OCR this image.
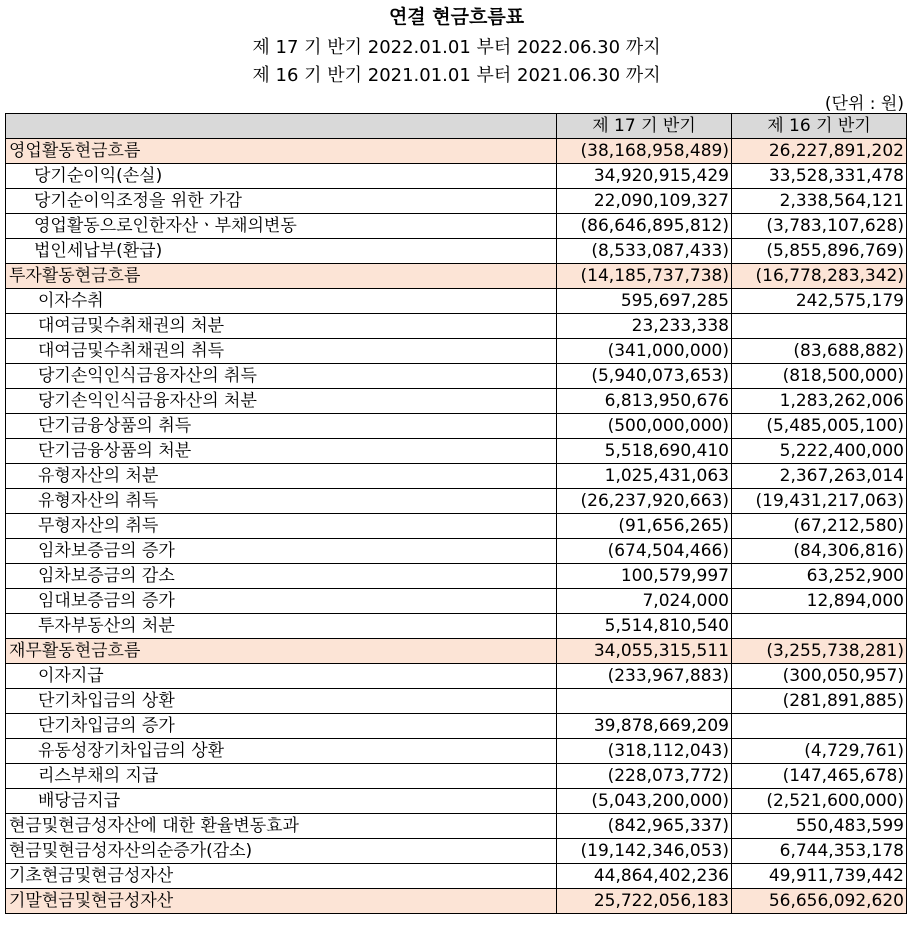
연결 현금흐름표
제 17 기 반기 2022.01.01 부터 2022.06.30 까지
제 16 기 반기 2021.01.01 부터 2021.06.30 까지
(단위 : 원)
	제 17 기 반기	제 16 기 반기
영업활동현금흐름	(38,168,958,489)	26,227,891,202
당기순이익(손실)	34,920,915,429	33,528,331,478
당기순이익조정을 위한 가감	22,090,109,327	2,338,564,121
영업활동으로인한자산ㆍ부채의변동	(86,646,895,812)	(3,783,107,628)
법인세납부(환급)	(8,533,087,433)	(5,855,896,769)
투자활동현금흐름	(14,185,737,738)	(16,778,283,342)
이자수취	595,697,285	242,575,179
대여금및수취채권의 처분	23,233,338	
대여금및수취채권의 취득	(341,000,000)	(83,688,882)
당기손익인식금융자산의 취득	(5,940,073,653)	(818,500,000)
당기손익인식금융자산의 처분	6,813,950,676	1,283,262,006
단기금융상품의 취득	(500,000,000)	(5,485,005,100)
단기금융상품의 처분	5,518,690,410	5,222,400,000
유형자산의 처분	1,025,431,063	2,367,263,014
유형자산의 취득	(26,237,920,663)	(19,431,217,063)
무형자산의 취득	(91,656,265)	(67,212,580)
임차보증금의 증가	(674,504,466)	(84,306,816)
임차보증금의 감소	100,579,997	63,252,900
임대보증금의 증가	7,024,000	12,894,000
투자부동산의 처분	5,514,810,540	
재무활동현금흐름	34,055,315,511	(3,255,738,281)
이자지급	(233,967,883)	(300,050,957)
단기차입금의 상환		(281,891,885)
단기차입금의 증가	39,878,669,209	
유동성장기차입금의 상환	(318,112,043)	(4,729,761)
리스부채의 지급	(228,073,772)	(147,465,678)
배당금지급	(5,043,200,000)	(2,521,600,000)
현금및현금성자산에 대한 환율변동효과	(842,965,337)	550,483,599
현금및현금성자산의순증가(감소)	(19,142,346,053)	6,744,353,178
기초현금및현금성자산	44,864,402,236	49,911,739,442
기말현금및현금성자산	25,722,056,183	56,656,092,620
